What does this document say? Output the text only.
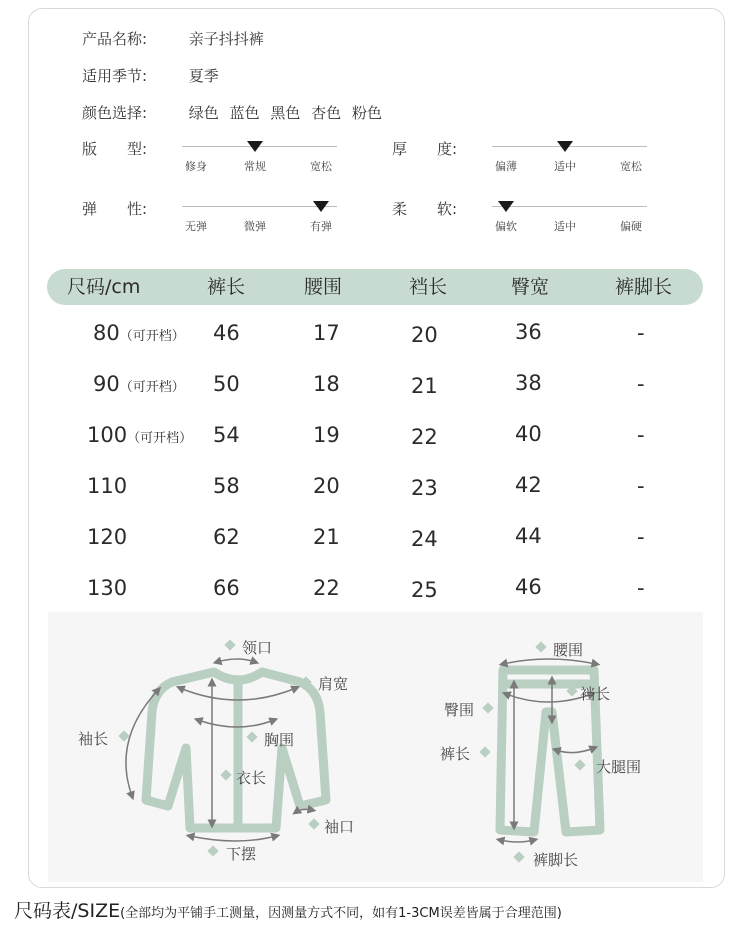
产品名称:	亲子抖抖裤
适用季节:	夏季
颜色选择:	绿色 蓝色 黑色 杏色 粉色
版　　型:
修身	常规	宽松
厚　　度:
偏薄	适中	宽松
弹　　性:
无弹	微弹	有弹
柔　　软:
偏软	适中	偏硬
尺码/cm	裤长	腰围	裆长	臀宽	裤脚长
80（可开档） 46	17	20	36	-
90（可开档） 50	18	21	38	-
100（可开档） 54	19	22	40	-
110	58	20	23	42	-
120	62	21	24	44	-
130	66	22	25	46	-
领口
肩宽
袖长	胸围
衣长
袖口
下摆
腰围
裆长
臀围
裤长
大腿围
裤脚长
尺码表/SIZE(全部均为平铺手工测量，因测量方式不同，如有1-3CM误差皆属于合理范围)
